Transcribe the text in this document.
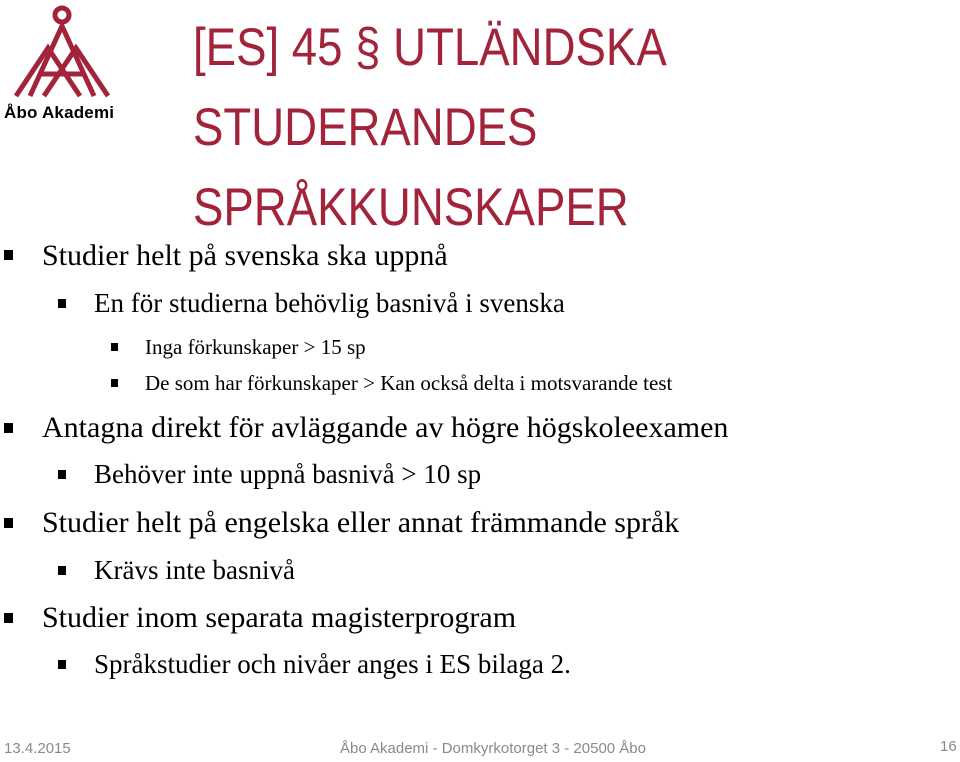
Åbo Akademi
[ES] 45 § UTLÄNDSKA
STUDERANDES
SPRÅKKUNSKAPER
Studier helt på svenska ska uppnå
En för studierna behövlig basnivå i svenska
Inga förkunskaper > 15 sp
De som har förkunskaper > Kan också delta i motsvarande test
Antagna direkt för avläggande av högre högskoleexamen
Behöver inte uppnå basnivå > 10 sp
Studier helt på engelska eller annat främmande språk
Krävs inte basnivå
Studier inom separata magisterprogram
Språkstudier och nivåer anges i ES bilaga 2.
13.4.2015	Åbo Akademi - Domkyrkotorget 3 - 20500 Åbo	16
